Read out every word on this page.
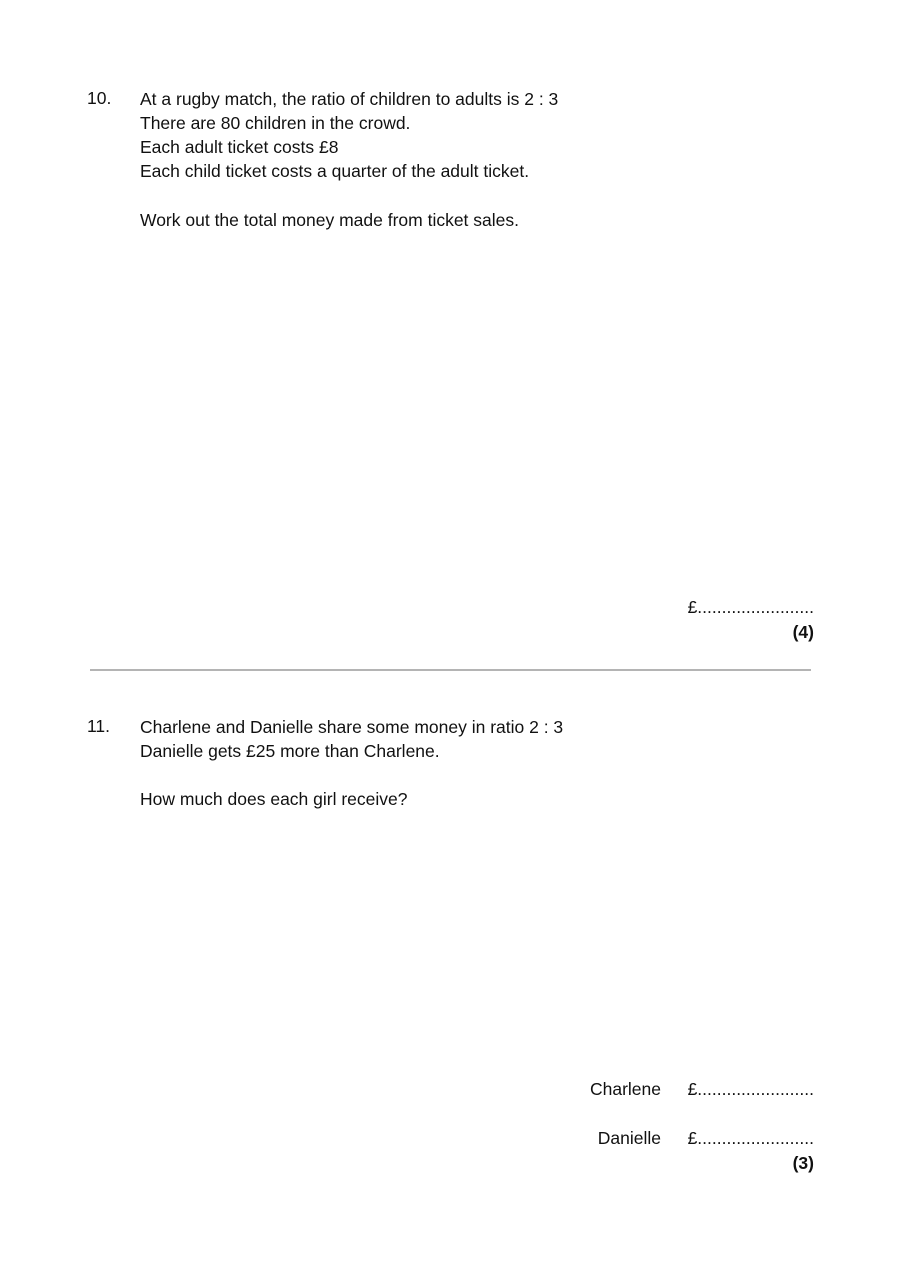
10. At a rugby match, the ratio of children to adults is 2 : 3
There are 80 children in the crowd.
Each adult ticket costs £8
Each child ticket costs a quarter of the adult ticket.
Work out the total money made from ticket sales.
£........................
(4)
11. Charlene and Danielle share some money in ratio 2 : 3
Danielle gets £25 more than Charlene.
How much does each girl receive?
Charlene £........................
Danielle £........................
(3)
